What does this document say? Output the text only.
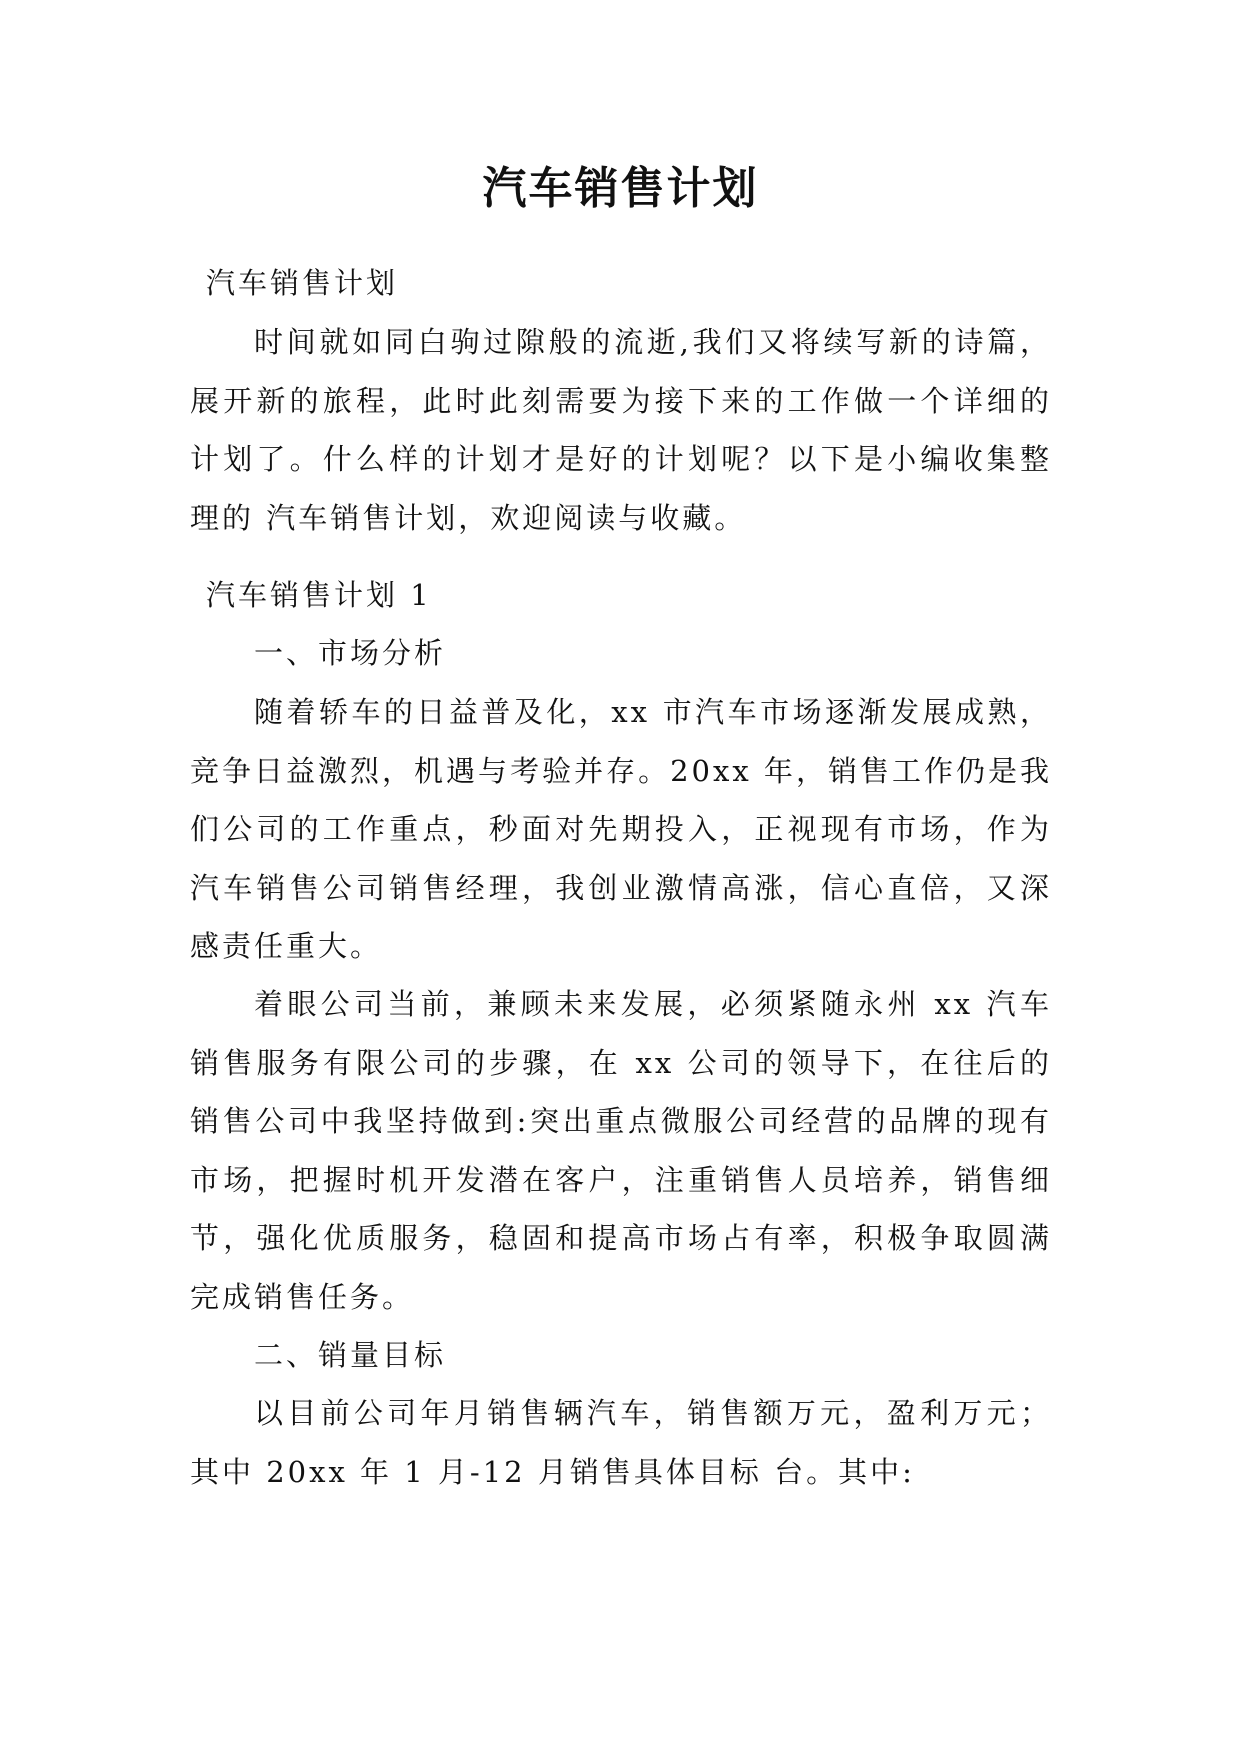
汽车销售计划
汽车销售计划

时间就如同白驹过隙般的流逝,我们又将续写新的诗篇，展开新的旅程，此时此刻需要为接下来的工作做一个详细的计划了。什么样的计划才是好的计划呢？以下是小编收集整理的 汽车销售计划，欢迎阅读与收藏。

汽车销售计划 1
一、市场分析

随着轿车的日益普及化，xx 市汽车市场逐渐发展成熟，竞争日益激烈，机遇与考验并存。20xx 年，销售工作仍是我们公司的工作重点，秒面对先期投入，正视现有市场，作为汽车销售公司销售经理，我创业激情高涨，信心直倍，又深感责任重大。

着眼公司当前，兼顾未来发展，必须紧随永州 xx 汽车销售服务有限公司的步骤，在 xx 公司的领导下，在往后的销售公司中我坚持做到:突出重点微服公司经营的品牌的现有市场，把握时机开发潜在客户，注重销售人员培养，销售细节，强化优质服务，稳固和提高市场占有率，积极争取圆满完成销售任务。

二、销量目标

以目前公司年月销售辆汽车，销售额万元，盈利万元；其中 20xx 年 1 月-12 月销售具体目标 台。其中:
